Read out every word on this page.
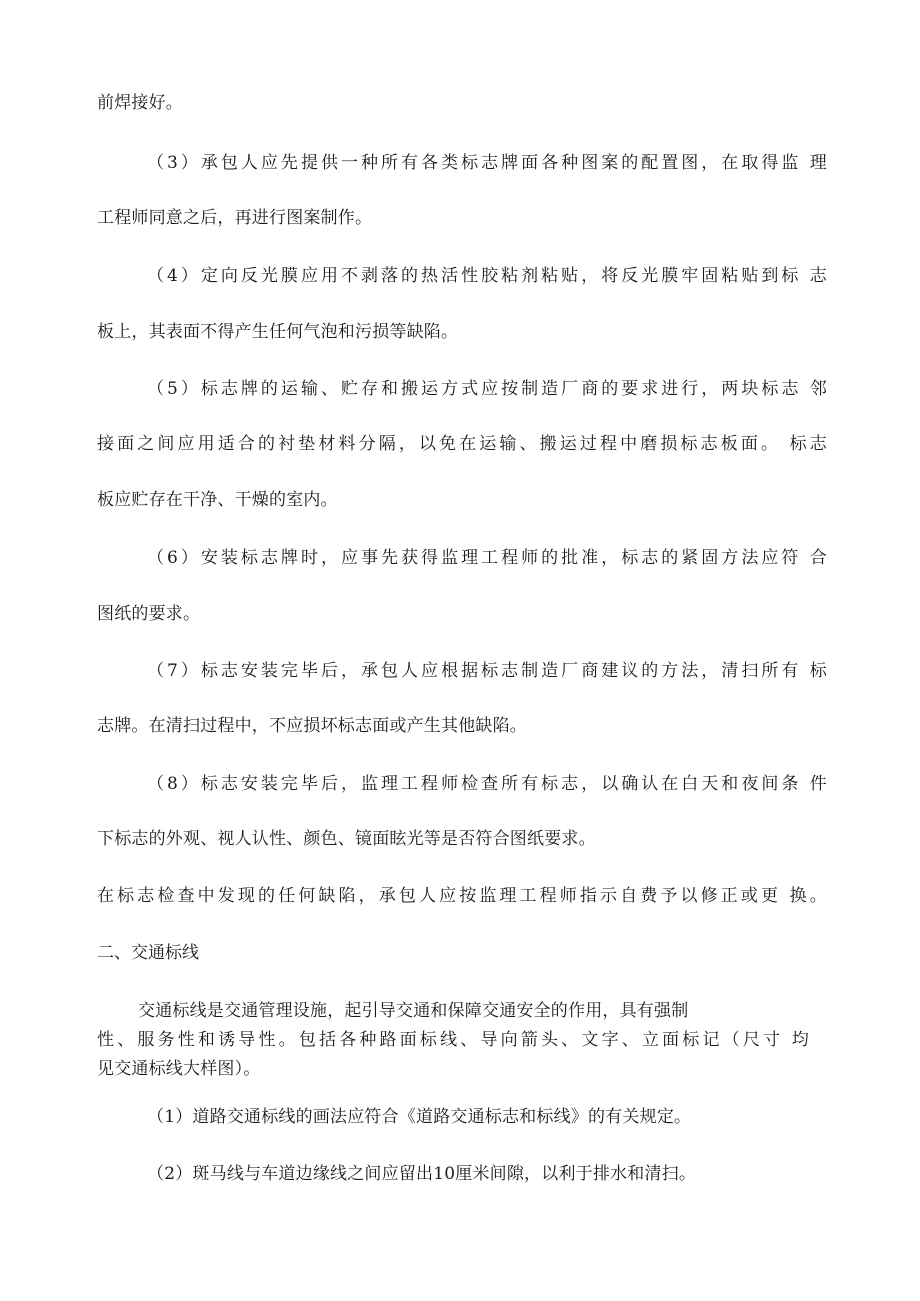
前焊接好。
（3）承包人应先提供一种所有各类标志牌面各种图案的配置图，在取得监 理
工程师同意之后，再进行图案制作。
（4）定向反光膜应用不剥落的热活性胶粘剂粘贴，将反光膜牢固粘贴到标 志
板上，其表面不得产生任何气泡和污损等缺陷。
（5）标志牌的运输、贮存和搬运方式应按制造厂商的要求进行，两块标志 邻
接面之间应用适合的衬垫材料分隔，以免在运输、搬运过程中磨损标志板面。 标志
板应贮存在干净、干燥的室内。
（6）安装标志牌时，应事先获得监理工程师的批准，标志的紧固方法应符 合
图纸的要求。
（7）标志安装完毕后，承包人应根据标志制造厂商建议的方法，清扫所有 标
志牌。在清扫过程中，不应损坏标志面或产生其他缺陷。
（8）标志安装完毕后，监理工程师检查所有标志，以确认在白天和夜间条 件
下标志的外观、视人认性、颜色、镜面眩光等是否符合图纸要求。
在标志检查中发现的任何缺陷，承包人应按监理工程师指示自费予以修正或更 换。
二、交通标线
交通标线是交通管理设施，起引导交通和保障交通安全的作用，具有强制
性、服务性和诱导性。包括各种路面标线、导向箭头、文字、立面标记（尺寸 均
见交通标线大样图）。
（1）道路交通标线的画法应符合《道路交通标志和标线》的有关规定。
（2）斑马线与车道边缘线之间应留出10厘米间隙，以利于排水和清扫。
